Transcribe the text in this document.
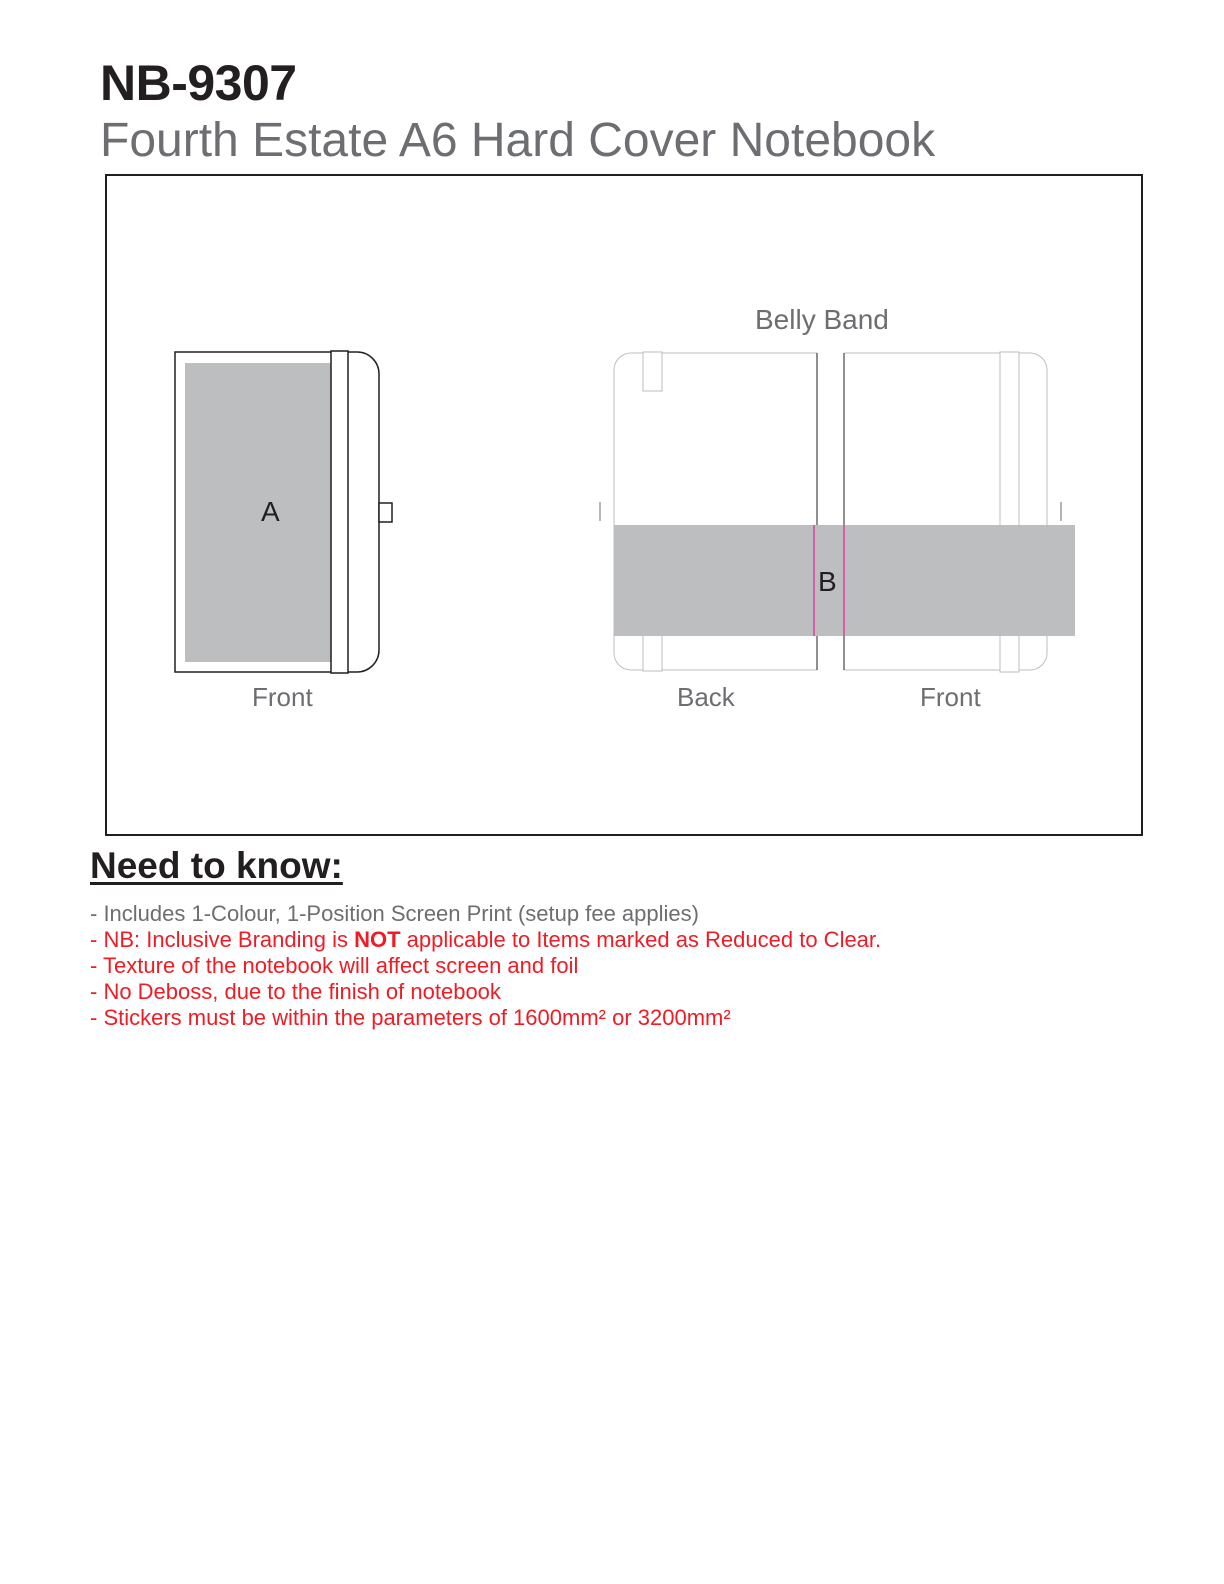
NB-9307
Fourth Estate A6 Hard Cover Notebook
A
Front
Belly Band
B
Back	Front
Need to know:
- Includes 1-Colour, 1-Position Screen Print (setup fee applies)
- NB: Inclusive Branding is NOT applicable to Items marked as Reduced to Clear.
- Texture of the notebook will affect screen and foil
- No Deboss, due to the finish of notebook
- Stickers must be within the parameters of 1600mm² or 3200mm²
